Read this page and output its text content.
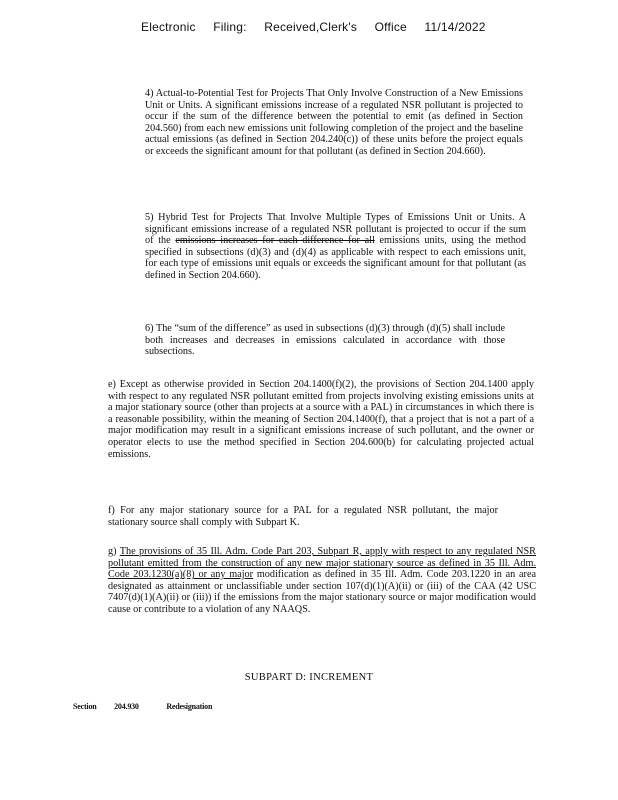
Electronic Filing: Received,Clerk's Office 11/14/2022

4) Actual-to-Potential Test for Projects That Only Involve Construction of a New Emissions Unit or Units. A significant emissions increase of a regulated NSR pollutant is projected to occur if the sum of the difference between the potential to emit (as defined in Section 204.560) from each new emissions unit following completion of the project and the baseline actual emissions (as defined in Section 204.240(c)) of these units before the project equals or exceeds the significant amount for that pollutant (as defined in Section 204.660).

5) Hybrid Test for Projects That Involve Multiple Types of Emissions Unit or Units. A significant emissions increase of a regulated NSR pollutant is projected to occur if the sum of the emissions increases for each difference for all emissions units, using the method specified in subsections (d)(3) and (d)(4) as applicable with respect to each emissions unit, for each type of emissions unit equals or exceeds the significant amount for that pollutant (as defined in Section 204.660).

6) The “sum of the difference” as used in subsections (d)(3) through (d)(5) shall include both increases and decreases in emissions calculated in accordance with those subsections.

e) Except as otherwise provided in Section 204.1400(f)(2), the provisions of Section 204.1400 apply with respect to any regulated NSR pollutant emitted from projects involving existing emissions units at a major stationary source (other than projects at a source with a PAL) in circumstances in which there is a reasonable possibility, within the meaning of Section 204.1400(f), that a project that is not a part of a major modification may result in a significant emissions increase of such pollutant, and the owner or operator elects to use the method specified in Section 204.600(b) for calculating projected actual emissions.

f) For any major stationary source for a PAL for a regulated NSR pollutant, the major stationary source shall comply with Subpart K.

g) The provisions of 35 Ill. Adm. Code Part 203, Subpart R, apply with respect to any regulated NSR pollutant emitted from the construction of any new major stationary source as defined in 35 Ill. Adm. Code 203.1230(a)(8) or any major modification as defined in 35 Ill. Adm. Code 203.1220 in an area designated as attainment or unclassifiable under section 107(d)(1)(A)(ii) or (iii) of the CAA (42 USC 7407(d)(1)(A)(ii) or (iii)) if the emissions from the major stationary source or major modification would cause or contribute to a violation of any NAAQS.

SUBPART D: INCREMENT
Section 204.930	Redesignation
